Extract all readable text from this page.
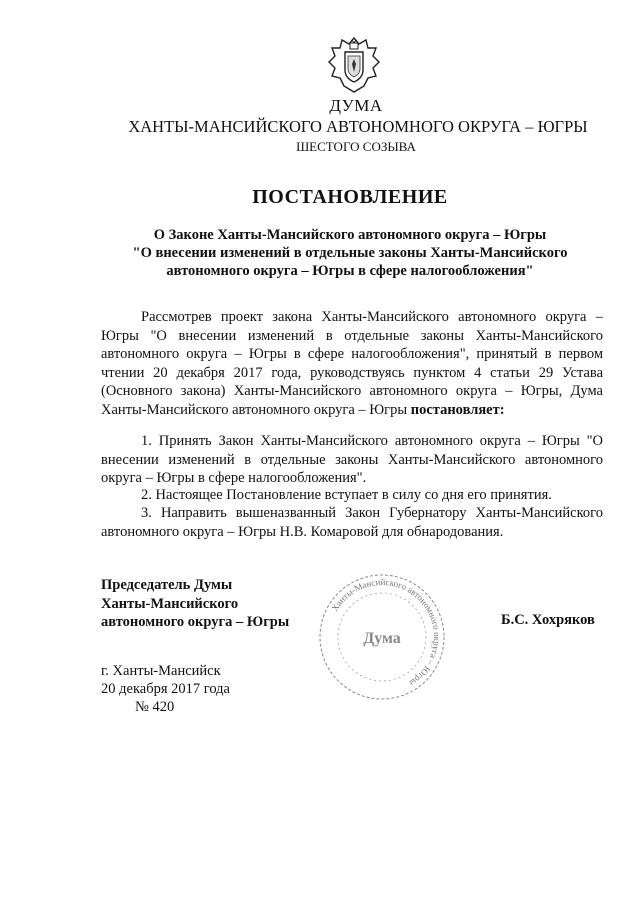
ДУМА
ХАНТЫ-МАНСИЙСКОГО АВТОНОМНОГО ОКРУГА – ЮГРЫ
ШЕСТОГО СОЗЫВА
ПОСТАНОВЛЕНИЕ
О Законе Ханты-Мансийского автономного округа – Югры
"О внесении изменений в отдельные законы Ханты-Мансийского
автономного округа – Югры в сфере налогообложения"
Рассмотрев проект закона Ханты-Мансийского автономного округа – Югры "О внесении изменений в отдельные законы Ханты-Мансийского автономного округа – Югры в сфере налогообложения", принятый в первом чтении 20 декабря 2017 года, руководствуясь пунктом 4 статьи 29 Устава (Основного закона) Ханты-Мансийского автономного округа – Югры, Дума Ханты-Мансийского автономного округа – Югры постановляет:
1. Принять Закон Ханты-Мансийского автономного округа – Югры "О внесении изменений в отдельные законы Ханты-Мансийского автономного округа – Югры в сфере налогообложения".
2. Настоящее Постановление вступает в силу со дня его принятия.
3. Направить вышеназванный Закон Губернатору Ханты-Мансийского автономного округа – Югры Н.В. Комаровой для обнародования.
Председатель Думы
Ханты-Мансийского
автономного округа – Югры
Ханты-Мансийского автономного округа – Югры
Дума
Б.С. Хохряков
г. Ханты-Мансийск
20 декабря 2017 года
№ 420
